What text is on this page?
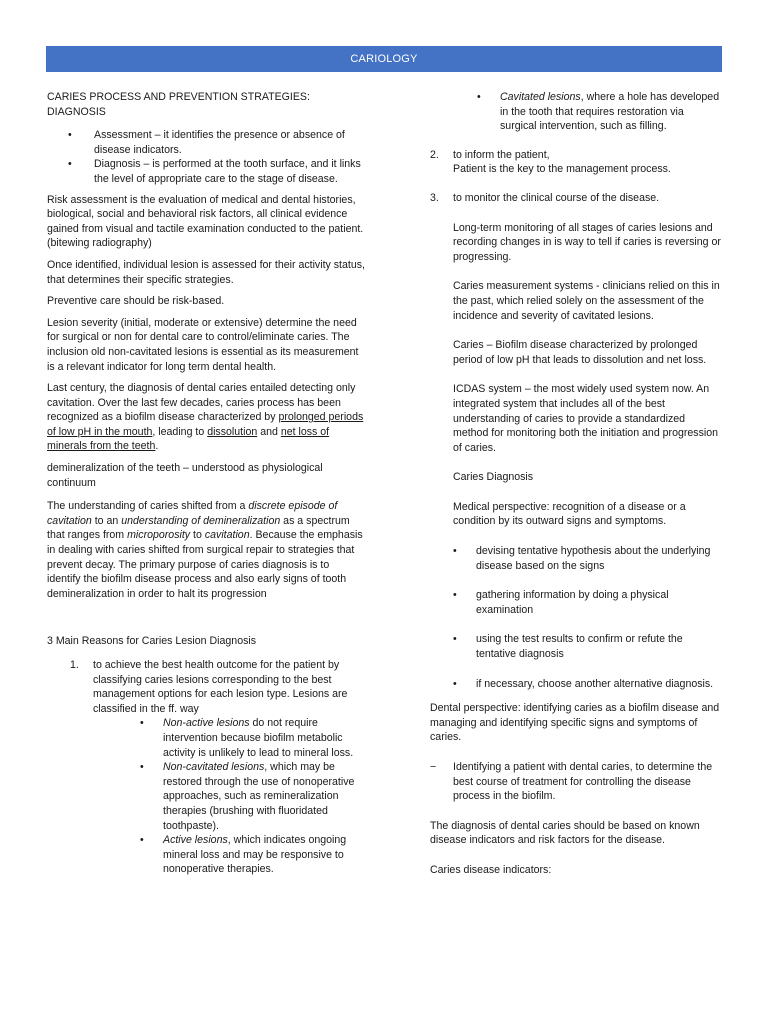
CARIOLOGY

CARIES PROCESS AND PREVENTION STRATEGIES: DIAGNOSIS

• Assessment – it identifies the presence or absence of disease indicators.
• Diagnosis – is performed at the tooth surface, and it links the level of appropriate care to the stage of disease.

Risk assessment is the evaluation of medical and dental histories, biological, social and behavioral risk factors, all clinical evidence gained from visual and tactile examination conducted to the patient. (bitewing radiography)

Once identified, individual lesion is assessed for their activity status, that determines their specific strategies.

Preventive care should be risk-based.

Lesion severity (initial, moderate or extensive) determine the need for surgical or non for dental care to control/eliminate caries. The inclusion old non-cavitated lesions is essential as its measurement is a relevant indicator for long term dental health.

Last century, the diagnosis of dental caries entailed detecting only cavitation. Over the last few decades, caries process has been recognized as a biofilm disease characterized by prolonged periods of low pH in the mouth, leading to dissolution and net loss of minerals from the teeth.

demineralization of the teeth – understood as physiological continuum

The understanding of caries shifted from a discrete episode of cavitation to an understanding of demineralization as a spectrum that ranges from microporosity to cavitation. Because the emphasis in dealing with caries shifted from surgical repair to strategies that prevent decay. The primary purpose of caries diagnosis is to identify the biofilm disease process and also early signs of tooth demineralization in order to halt its progression

3 Main Reasons for Caries Lesion Diagnosis

1. to achieve the best health outcome for the patient by classifying caries lesions corresponding to the best management options for each lesion type. Lesions are classified in the ff. way

• Non-active lesions do not require intervention because biofilm metabolic activity is unlikely to lead to mineral loss.
• Non-cavitated lesions, which may be restored through the use of nonoperative approaches, such as remineralization therapies (brushing with fluoridated toothpaste).
• Active lesions, which indicates ongoing mineral loss and may be responsive to nonoperative therapies.
• Cavitated lesions, where a hole has developed in the tooth that requires restoration via surgical intervention, such as filling.
2. to inform the patient,

Patient is the key to the management process.

3. to monitor the clinical course of the disease.

Long-term monitoring of all stages of caries lesions and recording changes in is way to tell if caries is reversing or progressing.

Caries measurement systems - clinicians relied on this in the past, which relied solely on the assessment of the incidence and severity of cavitated lesions.

Caries – Biofilm disease characterized by prolonged period of low pH that leads to dissolution and net loss.

ICDAS system – the most widely used system now. An integrated system that includes all of the best understanding of caries to provide a standardized method for monitoring both the initiation and progression of caries.

Caries Diagnosis

Medical perspective: recognition of a disease or a condition by its outward signs and symptoms.

• devising tentative hypothesis about the underlying disease based on the signs
• gathering information by doing a physical examination
• using the test results to confirm or refute the tentative diagnosis
• if necessary, choose another alternative diagnosis.

Dental perspective: identifying caries as a biofilm disease and managing and identifying specific signs and symptoms of caries.

− Identifying a patient with dental caries, to determine the best course of treatment for controlling the disease process in the biofilm.

The diagnosis of dental caries should be based on known disease indicators and risk factors for the disease.

Caries disease indicators:
